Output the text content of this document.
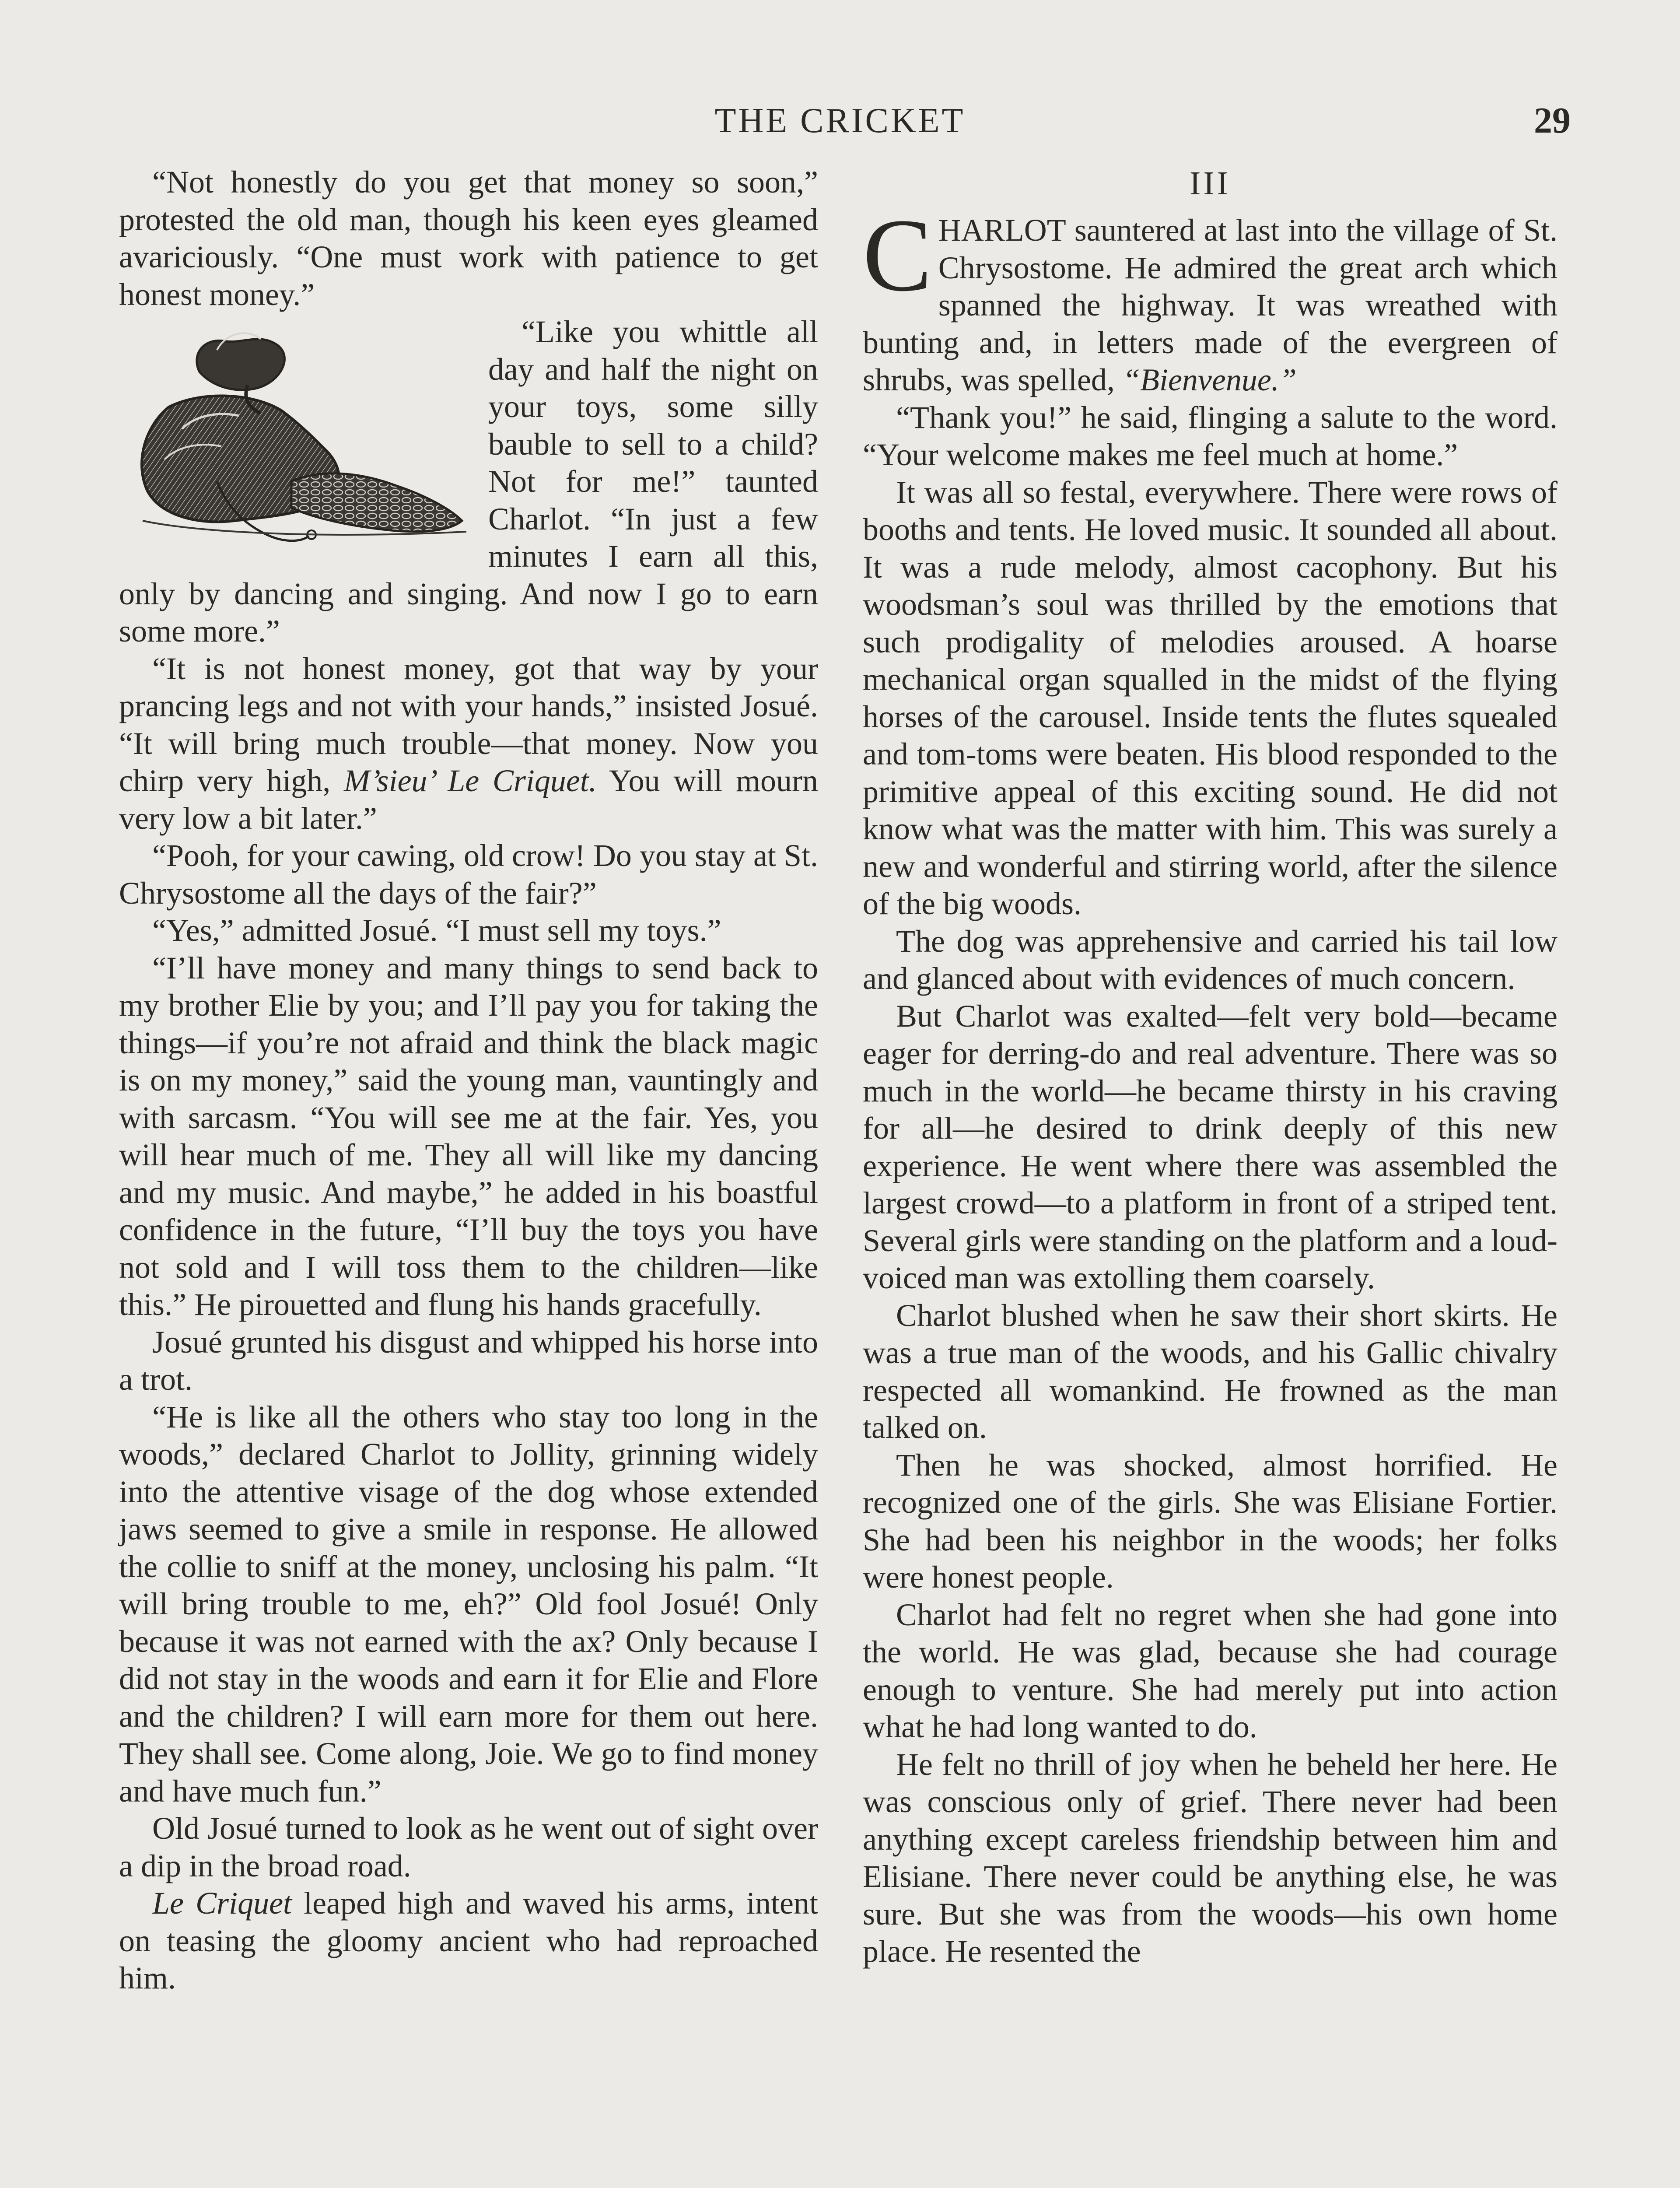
THE CRICKET	29

“Not honestly do you get that money so soon,” protested the old man, though his keen eyes gleamed avariciously. “One must work with patience to get honest money.”

“Like you whittle all day and half the night on your toys, some silly bauble to sell to a child? Not for me!” taunted Charlot. “In just a few minutes I earn all this, only by dancing and singing. And now I go to earn some more.”

“It is not honest money, got that way by your prancing legs and not with your hands,” insisted Josué. “It will bring much trouble—that money. Now you chirp very high, M’sieu’ Le Criquet. You will mourn very low a bit later.”

“Pooh, for your cawing, old crow! Do you stay at St. Chrysostome all the days of the fair?”

“Yes,” admitted Josué. “I must sell my toys.”

“I’ll have money and many things to send back to my brother Elie by you; and I’ll pay you for taking the things—if you’re not afraid and think the black magic is on my money,” said the young man, vauntingly and with sarcasm. “You will see me at the fair. Yes, you will hear much of me. They all will like my dancing and my music. And maybe,” he added in his boastful confidence in the future, “I’ll buy the toys you have not sold and I will toss them to the children—like this.” He pirouetted and flung his hands gracefully.

Josué grunted his disgust and whipped his horse into a trot.

“He is like all the others who stay too long in the woods,” declared Charlot to Jollity, grinning widely into the attentive visage of the dog whose extended jaws seemed to give a smile in response. He allowed the collie to sniff at the money, unclosing his palm. “It will bring trouble to me, eh?” Old fool Josué! Only because it was not earned with the ax? Only because I did not stay in the woods and earn it for Elie and Flore and the children? I will earn more for them out here. They shall see. Come along, Joie. We go to find money and have much fun.”

Old Josué turned to look as he went out of sight over a dip in the broad road.

Le Criquet leaped high and waved his arms, intent on teasing the gloomy ancient who had reproached him.

III

CHARLOT sauntered at last into the village of St. Chrysostome. He admired the great arch which spanned the highway. It was wreathed with bunting and, in letters made of the evergreen of shrubs, was spelled, “Bienvenue.”

“Thank you!” he said, flinging a salute to the word. “Your welcome makes me feel much at home.”

It was all so festal, everywhere. There were rows of booths and tents. He loved music. It sounded all about. It was a rude melody, almost cacophony. But his woodsman’s soul was thrilled by the emotions that such prodigality of melodies aroused. A hoarse mechanical organ squalled in the midst of the flying horses of the carousel. Inside tents the flutes squealed and tom-toms were beaten. His blood responded to the primitive appeal of this exciting sound. He did not know what was the matter with him. This was surely a new and wonderful and stirring world, after the silence of the big woods.

The dog was apprehensive and carried his tail low and glanced about with evidences of much concern.

But Charlot was exalted—felt very bold—became eager for derring-do and real adventure. There was so much in the world—he became thirsty in his craving for all—he desired to drink deeply of this new experience. He went where there was assembled the largest crowd—to a platform in front of a striped tent. Several girls were standing on the platform and a loud-voiced man was extolling them coarsely.

Charlot blushed when he saw their short skirts. He was a true man of the woods, and his Gallic chivalry respected all womankind. He frowned as the man talked on.

Then he was shocked, almost horrified. He recognized one of the girls. She was Elisiane Fortier. She had been his neighbor in the woods; her folks were honest people.

Charlot had felt no regret when she had gone into the world. He was glad, because she had courage enough to venture. She had merely put into action what he had long wanted to do.

He felt no thrill of joy when he beheld her here. He was conscious only of grief. There never had been anything except careless friendship between him and Elisiane. There never could be anything else, he was sure. But she was from the woods—his own home place. He resented the
